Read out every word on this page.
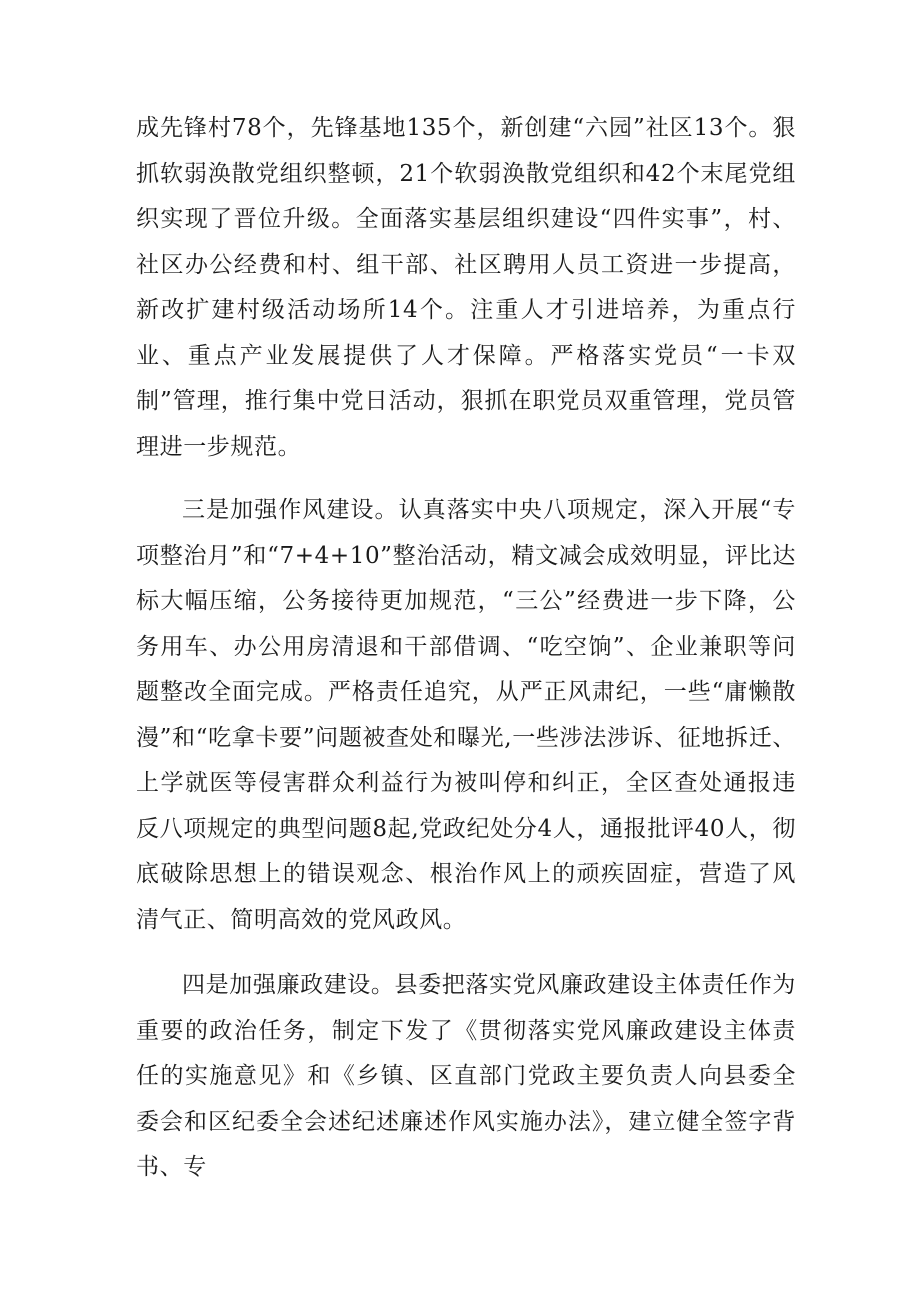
成先锋村78个，先锋基地135个，新创建“六园”社区13个。狠抓软弱涣散党组织整顿，21个软弱涣散党组织和42个末尾党组织实现了晋位升级。全面落实基层组织建设“四件实事”，村、社区办公经费和村、组干部、社区聘用人员工资进一步提高，新改扩建村级活动场所14个。注重人才引进培养，为重点行业、重点产业发展提供了人才保障。严格落实党员“一卡双制”管理，推行集中党日活动，狠抓在职党员双重管理，党员管理进一步规范。

三是加强作风建设。认真落实中央八项规定，深入开展“专项整治月”和“7+4+10”整治活动，精文减会成效明显，评比达标大幅压缩，公务接待更加规范，“三公”经费进一步下降，公务用车、办公用房清退和干部借调、“吃空饷”、企业兼职等问题整改全面完成。严格责任追究，从严正风肃纪，一些“庸懒散漫”和“吃拿卡要”问题被查处和曝光,一些涉法涉诉、征地拆迁、上学就医等侵害群众利益行为被叫停和纠正，全区查处通报违反八项规定的典型问题8起,党政纪处分4人，通报批评40人，彻底破除思想上的错误观念、根治作风上的顽疾固症，营造了风清气正、简明高效的党风政风。

四是加强廉政建设。县委把落实党风廉政建设主体责任作为重要的政治任务，制定下发了《贯彻落实党风廉政建设主体责任的实施意见》和《乡镇、区直部门党政主要负责人向县委全委会和区纪委全会述纪述廉述作风实施办法》，建立健全签字背书、专
